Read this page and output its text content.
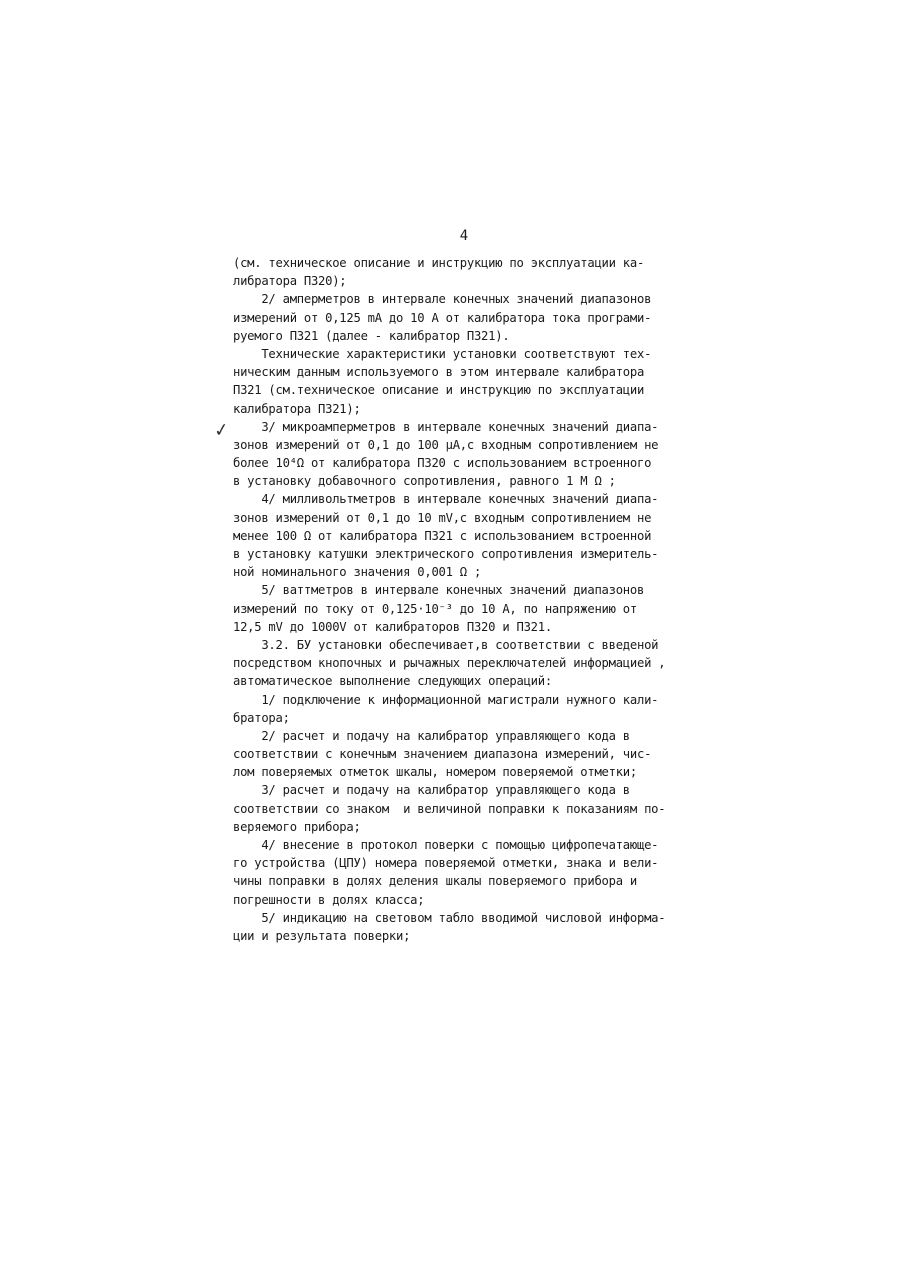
4
✓
(см. техническое описание и инструкцию по эксплуатации ка-
либратора П320);
2/ амперметров в интервале конечных значений диапазонов
измерений от 0,125 mA до 10 A от калибратора тока програми-
руемого П321 (далее - калибратор П321).
Технические характеристики установки соответствуют тех-
ническим данным используемого в этом интервале калибратора
П321 (см.техническое описание и инструкцию по эксплуатации
калибратора П321);
3/ микроамперметров в интервале конечных значений диапа-
зонов измерений от 0,1 до 100 μA,с входным сопротивлением не
более 10⁴Ω от калибратора П320 с использованием встроенного
в установку добавочного сопротивления, равного 1 M Ω ;
4/ милливольтметров в интервале конечных значений диапа-
зонов измерений от 0,1 до 10 mV,с входным сопротивлением не
менее 100 Ω от калибратора П321 с использованием встроенной
в установку катушки электрического сопротивления измеритель-
ной номинального значения 0,001 Ω ;
5/ ваттметров в интервале конечных значений диапазонов
измерений по току от 0,125·10⁻³ до 10 A, по напряжению от
12,5 mV до 1000V от калибраторов П320 и П321.
3.2. БУ установки обеспечивает,в соответствии с введеной
посредством кнопочных и рычажных переключателей информацией ,
автоматическое выполнение следующих операций:
1/ подключение к информационной магистрали нужного кали-
братора;
2/ расчет и подачу на калибратор управляющего кода в
соответствии с конечным значением диапазона измерений, чис-
лом поверяемых отметок шкалы, номером поверяемой отметки;
3/ расчет и подачу на калибратор управляющего кода в
соответствии со знаком  и величиной поправки к показаниям по-
веряемого прибора;
4/ внесение в протокол поверки с помощью цифропечатающе-
го устройства (ЦПУ) номера поверяемой отметки, знака и вели-
чины поправки в долях деления шкалы поверяемого прибора и
погрешности в долях класса;
5/ индикацию на световом табло вводимой числовой информа-
ции и результата поверки;
